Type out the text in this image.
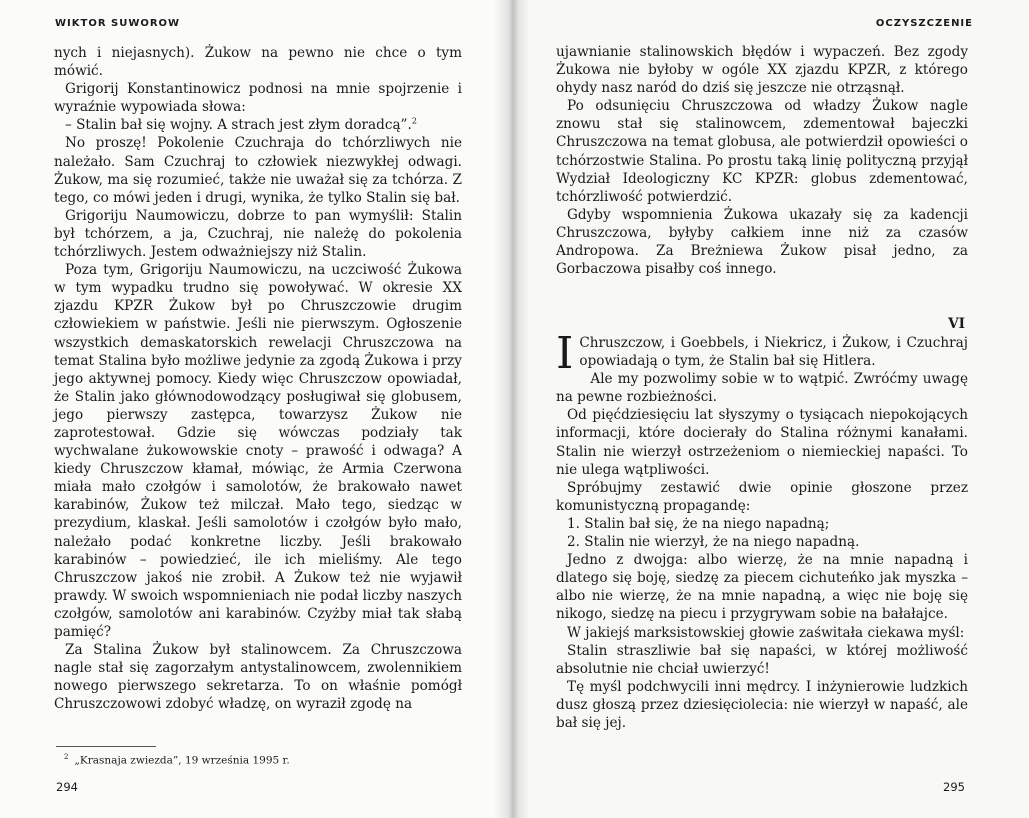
WIKTOR SUWOROW

nych i niejasnych). Żukow na pewno nie chce o tym mówić.

Grigorij Konstantinowicz podnosi na mnie spojrzenie i wyraźnie wypowiada słowa:

– Stalin bał się wojny. A strach jest złym doradcą”.$^2$

No proszę! Pokolenie Czuchraja do tchórzliwych nie należało. Sam Czuchraj to człowiek niezwykłej odwagi. Żukow, ma się rozumieć, także nie uważał się za tchórza. Z tego, co mówi jeden i drugi, wynika, że tylko Stalin się bał.

Grigoriju Naumowiczu, dobrze to pan wymyślił: Stalin był tchórzem, a ja, Czuchraj, nie należę do pokolenia tchórzliwych. Jestem odważniejszy niż Stalin.

Poza tym, Grigoriju Naumowiczu, na uczciwość Żukowa w tym wypadku trudno się powoływać. W okresie XX zjazdu KPZR Żukow był po Chruszczowie drugim człowiekiem w państwie. Jeśli nie pierwszym. Ogłoszenie wszystkich demaskatorskich rewelacji Chruszczowa na temat Stalina było możliwe jedynie za zgodą Żukowa i przy jego aktywnej pomocy. Kiedy więc Chruszczow opowiadał, że Stalin jako głównodowodzący posługiwał się globusem, jego pierwszy zastępca, towarzysz Żukow nie zaprotestował. Gdzie się wówczas podziały tak wychwalane żukowowskie cnoty – prawość i odwaga? A kiedy Chruszczow kłamał, mówiąc, że Armia Czerwona miała mało czołgów i samolotów, że brakowało nawet karabinów, Żukow też milczał. Mało tego, siedząc w prezydium, klaskał. Jeśli samolotów i czołgów było mało, należało podać konkretne liczby. Jeśli brakowało karabinów – powiedzieć, ile ich mieliśmy. Ale tego Chruszczow jakoś nie zrobił. A Żukow też nie wyjawił prawdy. W swoich wspomnieniach nie podał liczby naszych czołgów, samolotów ani karabinów. Czyżby miał tak słabą pamięć?

Za Stalina Żukow był stalinowcem. Za Chruszczowa nagle stał się zagorzałym antystalinowcem, zwolennikiem nowego pierwszego sekretarza. To on właśnie pomógł Chruszczowowi zdobyć władzę, on wyraził zgodę na

$^2$ „Krasnaja zwiezda”, 19 września 1995 r.
294
OCZYSZCZENIE

ujawnianie stalinowskich błędów i wypaczeń. Bez zgody Żukowa nie byłoby w ogóle XX zjazdu KPZR, z którego ohydy nasz naród do dziś się jeszcze nie otrząsnął.

Po odsunięciu Chruszczowa od władzy Żukow nagle znowu stał się stalinowcem, zdementował bajeczki Chruszczowa na temat globusa, ale potwierdził opowieści o tchórzostwie Stalina. Po prostu taką linię polityczną przyjął Wydział Ideologiczny KC KPZR: globus zdementować, tchórzliwość potwierdzić.

Gdyby wspomnienia Żukowa ukazały się za kadencji Chruszczowa, byłyby całkiem inne niż za czasów Andropowa. Za Breżniewa Żukow pisał jedno, za Gorbaczowa pisałby coś innego.

VI

I Chruszczow, i Goebbels, i Niekricz, i Żukow, i Czuchraj opowiadają o tym, że Stalin bał się Hitlera.

Ale my pozwolimy sobie w to wątpić. Zwróćmy uwagę na pewne rozbieżności.

Od pięćdziesięciu lat słyszymy o tysiącach niepokojących informacji, które docierały do Stalina różnymi kanałami. Stalin nie wierzył ostrzeżeniom o niemieckiej napaści. To nie ulega wątpliwości.

Spróbujmy zestawić dwie opinie głoszone przez komunistyczną propagandę:

1. Stalin bał się, że na niego napadną;

2. Stalin nie wierzył, że na niego napadną.

Jedno z dwojga: albo wierzę, że na mnie napadną i dlatego się boję, siedzę za piecem cichuteńko jak myszka – albo nie wierzę, że na mnie napadną, a więc nie boję się nikogo, siedzę na piecu i przygrywam sobie na bałałajce.

W jakiejś marksistowskiej głowie zaświtała ciekawa myśl:

Stalin straszliwie bał się napaści, w której możliwość absolutnie nie chciał uwierzyć!

Tę myśl podchwycili inni mędrcy. I inżynierowie ludzkich dusz głoszą przez dziesięciolecia: nie wierzył w napaść, ale bał się jej.

295
